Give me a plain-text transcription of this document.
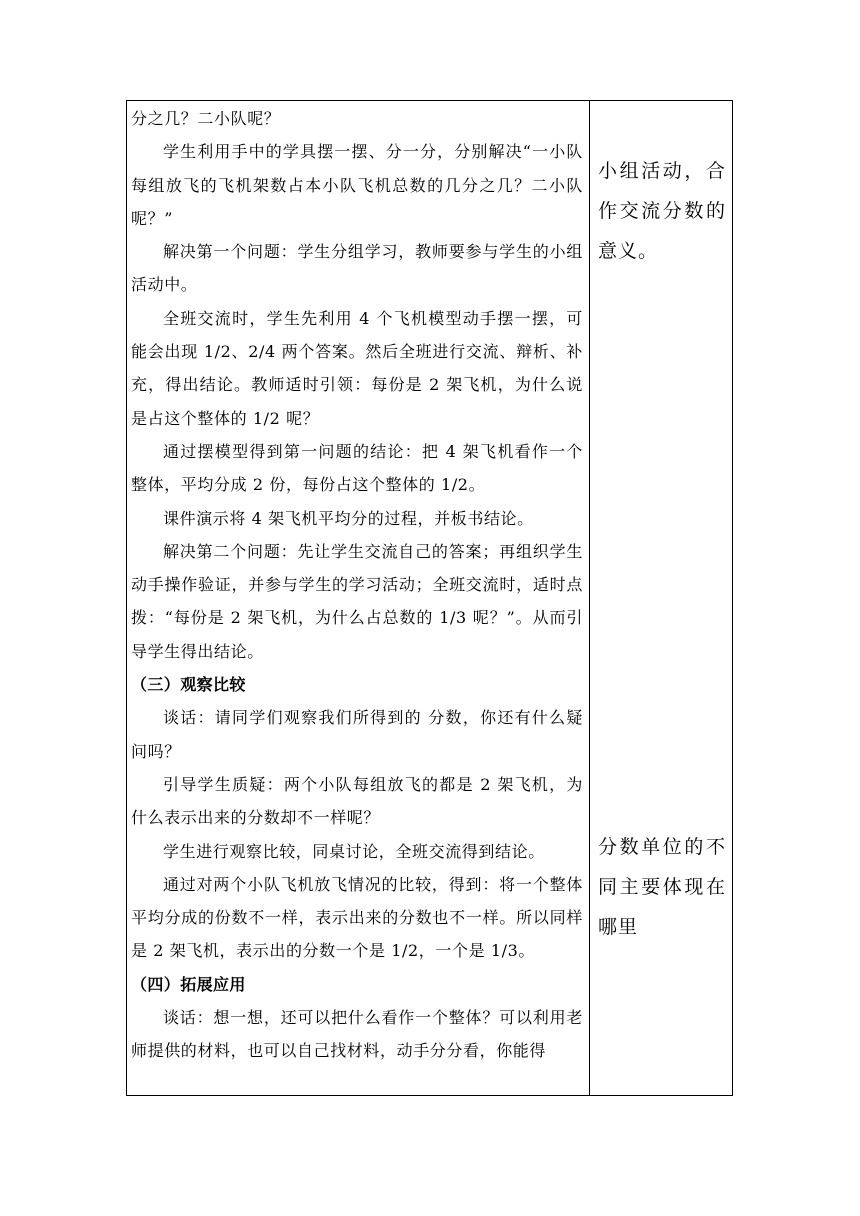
分之几？二小队呢？

学生利用手中的学具摆一摆、分一分，分别解决“一小队每组放飞的飞机架数占本小队飞机总数的几分之几？二小队呢？”

解决第一个问题：学生分组学习，教师要参与学生的小组活动中。

全班交流时，学生先利用 4 个飞机模型动手摆一摆，可能会出现 1/2、2/4 两个答案。然后全班进行交流、辩析、补充，得出结论。教师适时引领：每份是 2 架飞机，为什么说是占这个整体的 1/2 呢？

通过摆模型得到第一问题的结论：把 4 架飞机看作一个整体，平均分成 2 份，每份占这个整体的 1/2。

课件演示将 4 架飞机平均分的过程，并板书结论。

解决第二个问题：先让学生交流自己的答案；再组织学生动手操作验证，并参与学生的学习活动；全班交流时，适时点拨：“每份是 2 架飞机，为什么占总数的 1/3 呢？”。从而引导学生得出结论。

（三）观察比较

谈话：请同学们观察我们所得到的 分数，你还有什么疑问吗？

引导学生质疑：两个小队每组放飞的都是 2 架飞机，为什么表示出来的分数却不一样呢？

学生进行观察比较，同桌讨论，全班交流得到结论。

通过对两个小队飞机放飞情况的比较，得到：将一个整体平均分成的份数不一样，表示出来的分数也不一样。所以同样是 2 架飞机，表示出的分数一个是 1/2，一个是 1/3。

（四）拓展应用

谈话：想一想，还可以把什么看作一个整体？可以利用老师提供的材料，也可以自己找材料，动手分分看，你能得

小组活动，合作交流分数的意义。
分数单位的不同主要体现在哪里
